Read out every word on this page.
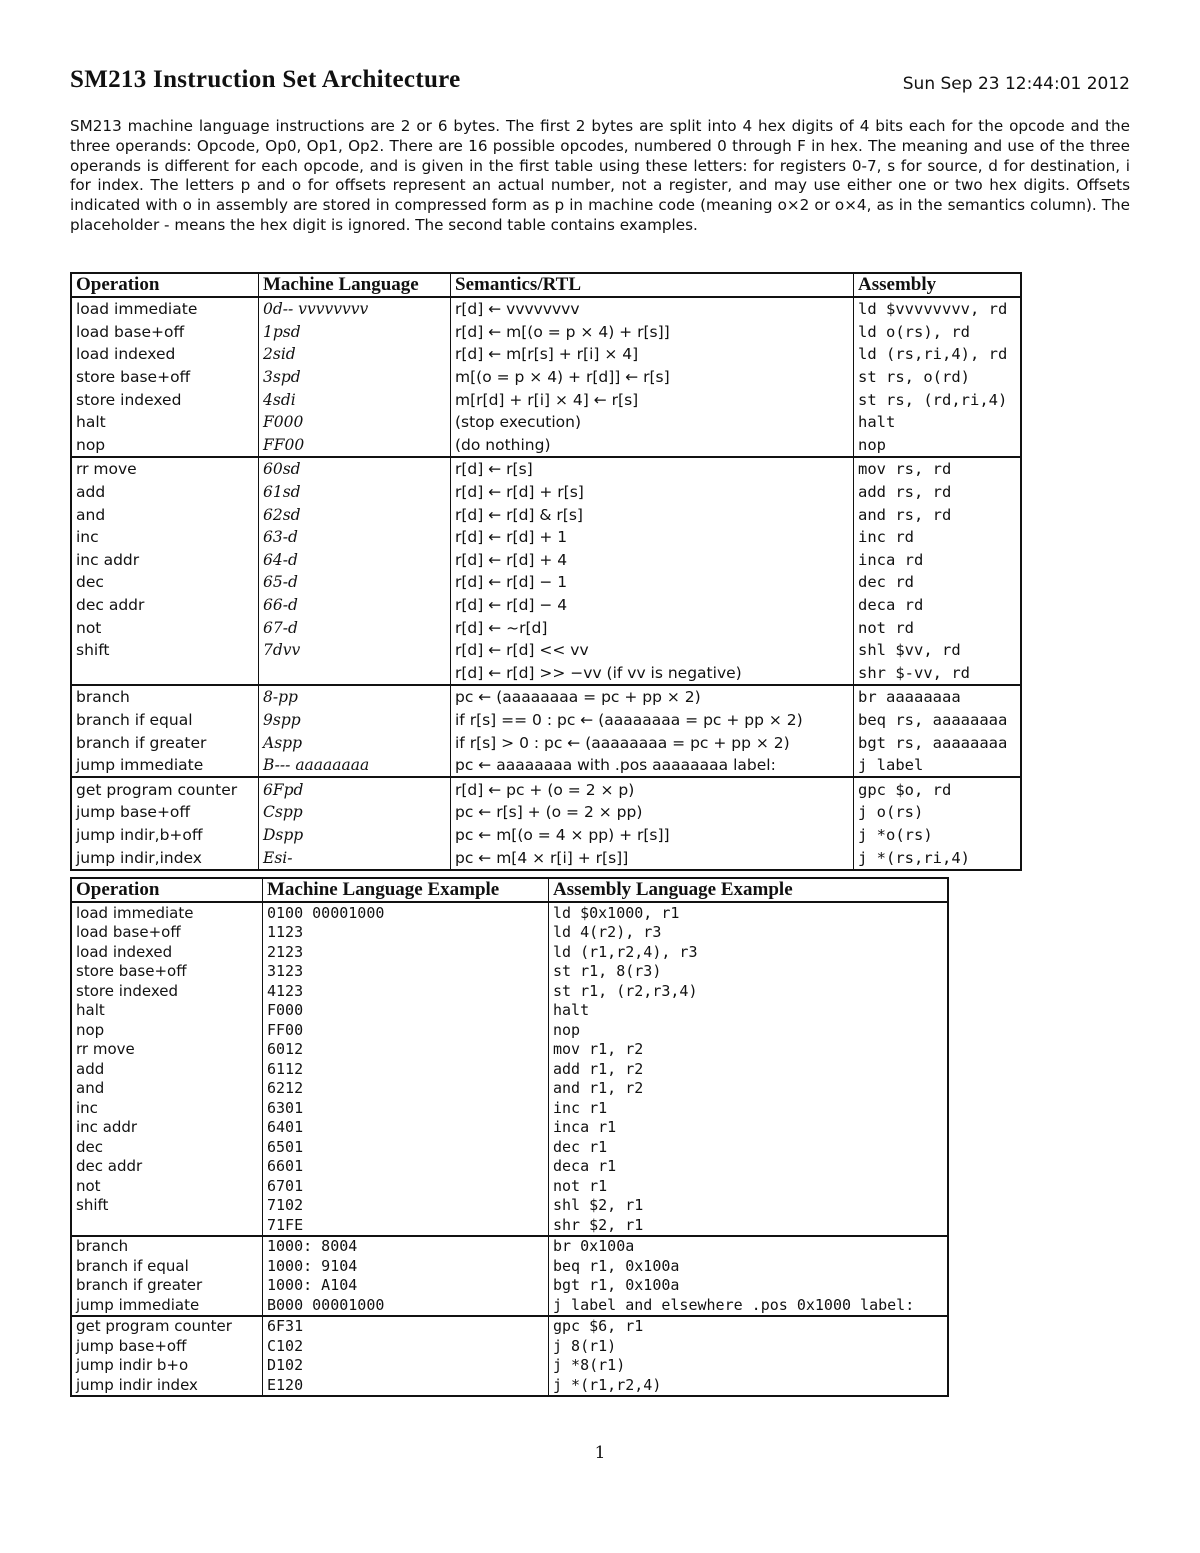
SM213 Instruction Set Architecture	Sun Sep 23 12:44:01 2012

SM213 machine language instructions are 2 or 6 bytes. The first 2 bytes are split into 4 hex digits of 4 bits each for the opcode and the three operands: Opcode, Op0, Op1, Op2. There are 16 possible opcodes, numbered 0 through F in hex. The meaning and use of the three operands is different for each opcode, and is given in the first table using these letters: for registers 0-7, s for source, d for destination, i for index. The letters p and o for offsets represent an actual number, not a register, and may use either one or two hex digits. Offsets indicated with o in assembly are stored in compressed form as p in machine code (meaning o×2 or o×4, as in the semantics column). The placeholder - means the hex digit is ignored. The second table contains examples.

Operation	Machine Language	Semantics/RTL	Assembly
load immediate	0d-- vvvvvvvv	r[d] ← vvvvvvvv	ld $vvvvvvvv, rd
load base+off	1psd	r[d] ← m[(o = p × 4) + r[s]]	ld o(rs), rd
load indexed	2sid	r[d] ← m[r[s] + r[i] × 4]	ld (rs,ri,4), rd
store base+off	3spd	m[(o = p × 4) + r[d]] ← r[s]	st rs, o(rd)
store indexed	4sdi	m[r[d] + r[i] × 4] ← r[s]	st rs, (rd,ri,4)
halt	F000	(stop execution)	halt
nop	FF00	(do nothing)	nop
rr move	60sd	r[d] ← r[s]	mov rs, rd
add	61sd	r[d] ← r[d] + r[s]	add rs, rd
and	62sd	r[d] ← r[d] & r[s]	and rs, rd
inc	63-d	r[d] ← r[d] + 1	inc rd
inc addr	64-d	r[d] ← r[d] + 4	inca rd
dec	65-d	r[d] ← r[d] − 1	dec rd
dec addr	66-d	r[d] ← r[d] − 4	deca rd
not	67-d	r[d] ← ~r[d]	not rd
shift	7dvv	r[d] ← r[d] << vv	shl $vv, rd
		r[d] ← r[d] >> −vv (if vv is negative)	shr $-vv, rd
branch	8-pp	pc ← (aaaaaaaa = pc + pp × 2)	br aaaaaaaa
branch if equal	9spp	if r[s] == 0 : pc ← (aaaaaaaa = pc + pp × 2)	beq rs, aaaaaaaa
branch if greater	Aspp	if r[s] > 0 : pc ← (aaaaaaaa = pc + pp × 2)	bgt rs, aaaaaaaa
jump immediate	B--- aaaaaaaa	pc ← aaaaaaaa with .pos aaaaaaaa label:	j label
get program counter	6Fpd	r[d] ← pc + (o = 2 × p)	gpc $o, rd
jump base+off	Cspp	pc ← r[s] + (o = 2 × pp)	j o(rs)
jump indir,b+off	Dspp	pc ← m[(o = 4 × pp) + r[s]]	j *o(rs)
jump indir,index	Esi-	pc ← m[4 × r[i] + r[s]]	j *(rs,ri,4)
Operation	Machine Language Example	Assembly Language Example
load immediate	0100 00001000	ld $0x1000, r1
load base+off	1123	ld 4(r2), r3
load indexed	2123	ld (r1,r2,4), r3
store base+off	3123	st r1, 8(r3)
store indexed	4123	st r1, (r2,r3,4)
halt	F000	halt
nop	FF00	nop
rr move	6012	mov r1, r2
add	6112	add r1, r2
and	6212	and r1, r2
inc	6301	inc r1
inc addr	6401	inca r1
dec	6501	dec r1
dec addr	6601	deca r1
not	6701	not r1
shift	7102	shl $2, r1
	71FE	shr $2, r1
branch	1000: 8004	br 0x100a
branch if equal	1000: 9104	beq r1, 0x100a
branch if greater	1000: A104	bgt r1, 0x100a
jump immediate	B000 00001000	j label and elsewhere .pos 0x1000 label:
get program counter	6F31	gpc $6, r1
jump base+off	C102	j 8(r1)
jump indir b+o	D102	j *8(r1)
jump indir index	E120	j *(r1,r2,4)
1
